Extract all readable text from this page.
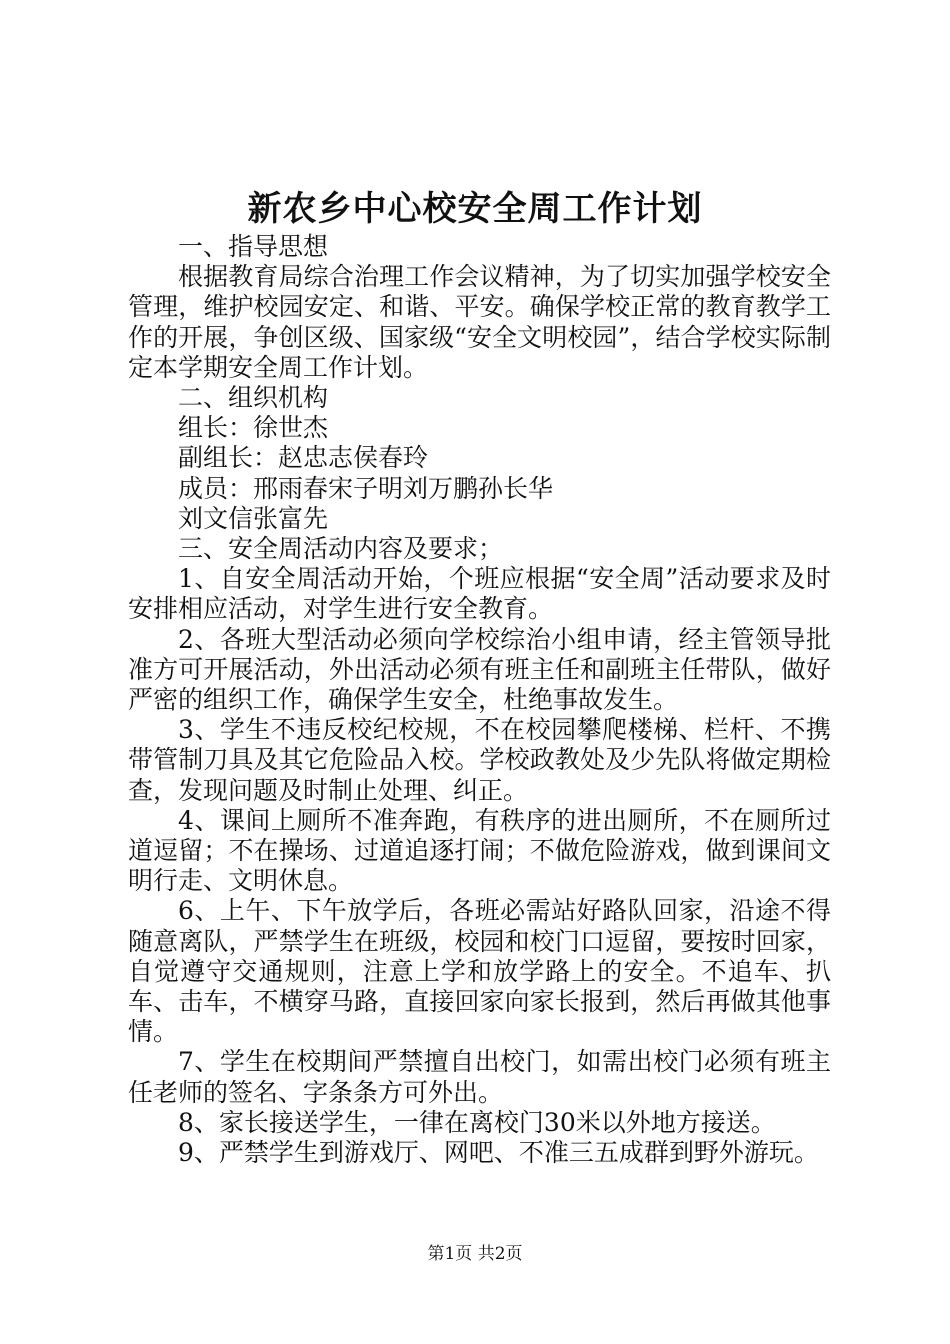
新农乡中心校安全周工作计划

一、指导思想

根据教育局综合治理工作会议精神，为了切实加强学校安全管理，维护校园安定、和谐、平安。确保学校正常的教育教学工作的开展，争创区级、国家级“安全文明校园”，结合学校实际制定本学期安全周工作计划。

二、组织机构

组长：徐世杰

副组长：赵忠志侯春玲

成员：邢雨春宋子明刘万鹏孙长华

刘文信张富先

三、安全周活动内容及要求；

1、自安全周活动开始，个班应根据“安全周”活动要求及时安排相应活动，对学生进行安全教育。

2、各班大型活动必须向学校综治小组申请，经主管领导批准方可开展活动，外出活动必须有班主任和副班主任带队，做好严密的组织工作，确保学生安全，杜绝事故发生。

3、学生不违反校纪校规，不在校园攀爬楼梯、栏杆、不携带管制刀具及其它危险品入校。学校政教处及少先队将做定期检查，发现问题及时制止处理、纠正。

4、课间上厕所不准奔跑，有秩序的进出厕所，不在厕所过道逗留；不在操场、过道追逐打闹；不做危险游戏，做到课间文明行走、文明休息。

6、上午、下午放学后，各班必需站好路队回家，沿途不得随意离队，严禁学生在班级，校园和校门口逗留，要按时回家，自觉遵守交通规则，注意上学和放学路上的安全。不追车、扒车、击车，不横穿马路，直接回家向家长报到，然后再做其他事情。

7、学生在校期间严禁擅自出校门，如需出校门必须有班主任老师的签名、字条条方可外出。

8、家长接送学生，一律在离校门30米以外地方接送。

9、严禁学生到游戏厅、网吧、不准三五成群到野外游玩。

第1页 共2页
